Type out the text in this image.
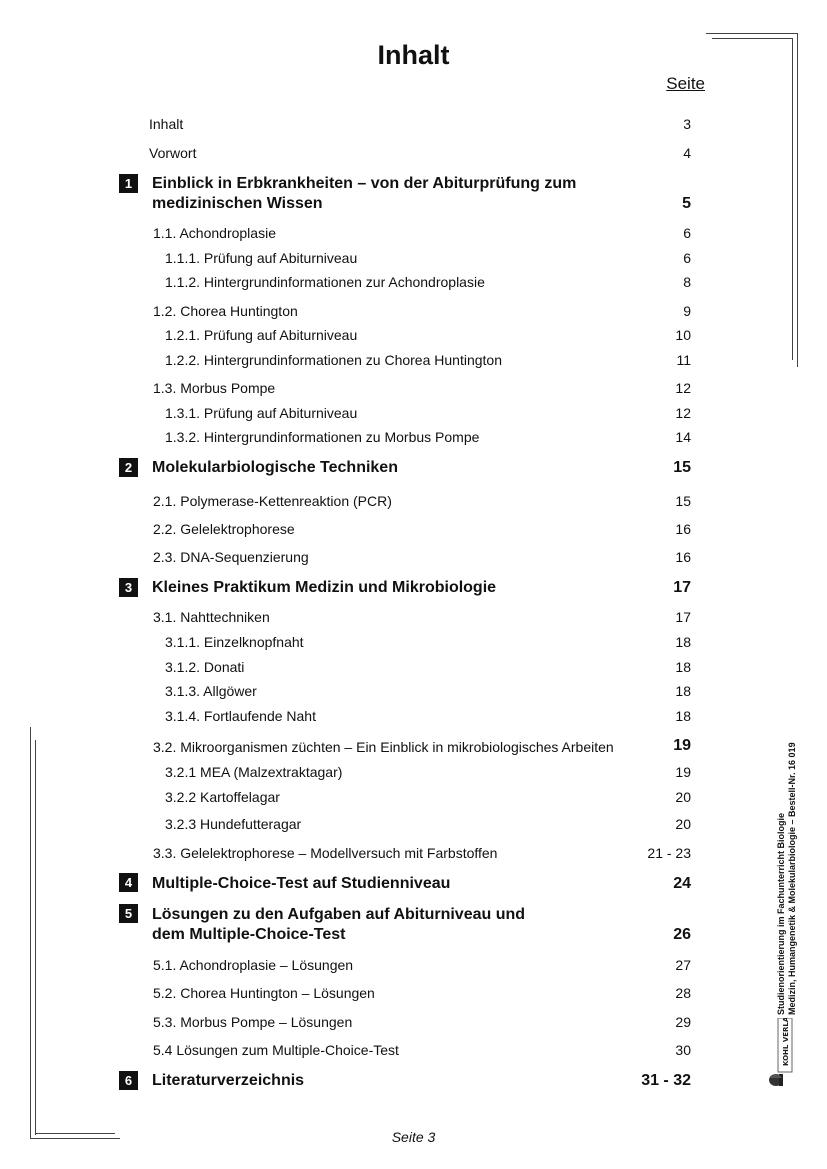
Inhalt
Seite
Inhalt	3
Vorwort	4
1	Einblick in Erbkrankheiten – von der Abiturprüfung zum
medizinischen Wissen	5
1.1. Achondroplasie	6
1.1.1. Prüfung auf Abiturniveau	6
1.1.2. Hintergrundinformationen zur Achondroplasie	8
1.2. Chorea Huntington	9
1.2.1. Prüfung auf Abiturniveau	10
1.2.2. Hintergrundinformationen zu Chorea Huntington	11
1.3. Morbus Pompe	12
1.3.1. Prüfung auf Abiturniveau	12
1.3.2. Hintergrundinformationen zu Morbus Pompe	14
2	Molekularbiologische Techniken	15
2.1. Polymerase-Kettenreaktion (PCR)	15
2.2. Gelelektrophorese	16
2.3. DNA-Sequenzierung	16
3	Kleines Praktikum Medizin und Mikrobiologie	17
3.1. Nahttechniken	17
3.1.1. Einzelknopfnaht	18
3.1.2. Donati	18
3.1.3. Allgöwer	18
3.1.4. Fortlaufende Naht	18
3.2. Mikroorganismen züchten – Ein Einblick in mikrobiologisches Arbeiten	19
3.2.1 MEA (Malzextraktagar)	19
3.2.2 Kartoffelagar	20
3.2.3 Hundefutteragar	20
3.3. Gelelektrophorese – Modellversuch mit Farbstoffen	21 - 23
4	Multiple-Choice-Test auf Studienniveau	24
5	Lösungen zu den Aufgaben auf Abiturniveau und
dem Multiple-Choice-Test	26
5.1. Achondroplasie – Lösungen	27
5.2. Chorea Huntington – Lösungen	28
5.3. Morbus Pompe – Lösungen	29
5.4 Lösungen zum Multiple-Choice-Test	30
6	Literaturverzeichnis	31 - 32
Studienorientierung im Fachunterricht Biologie Medizin, Humangenetik & Molekularbiologie – Bestell-Nr. 16 019
KOHL VERLAG
Seite 3
